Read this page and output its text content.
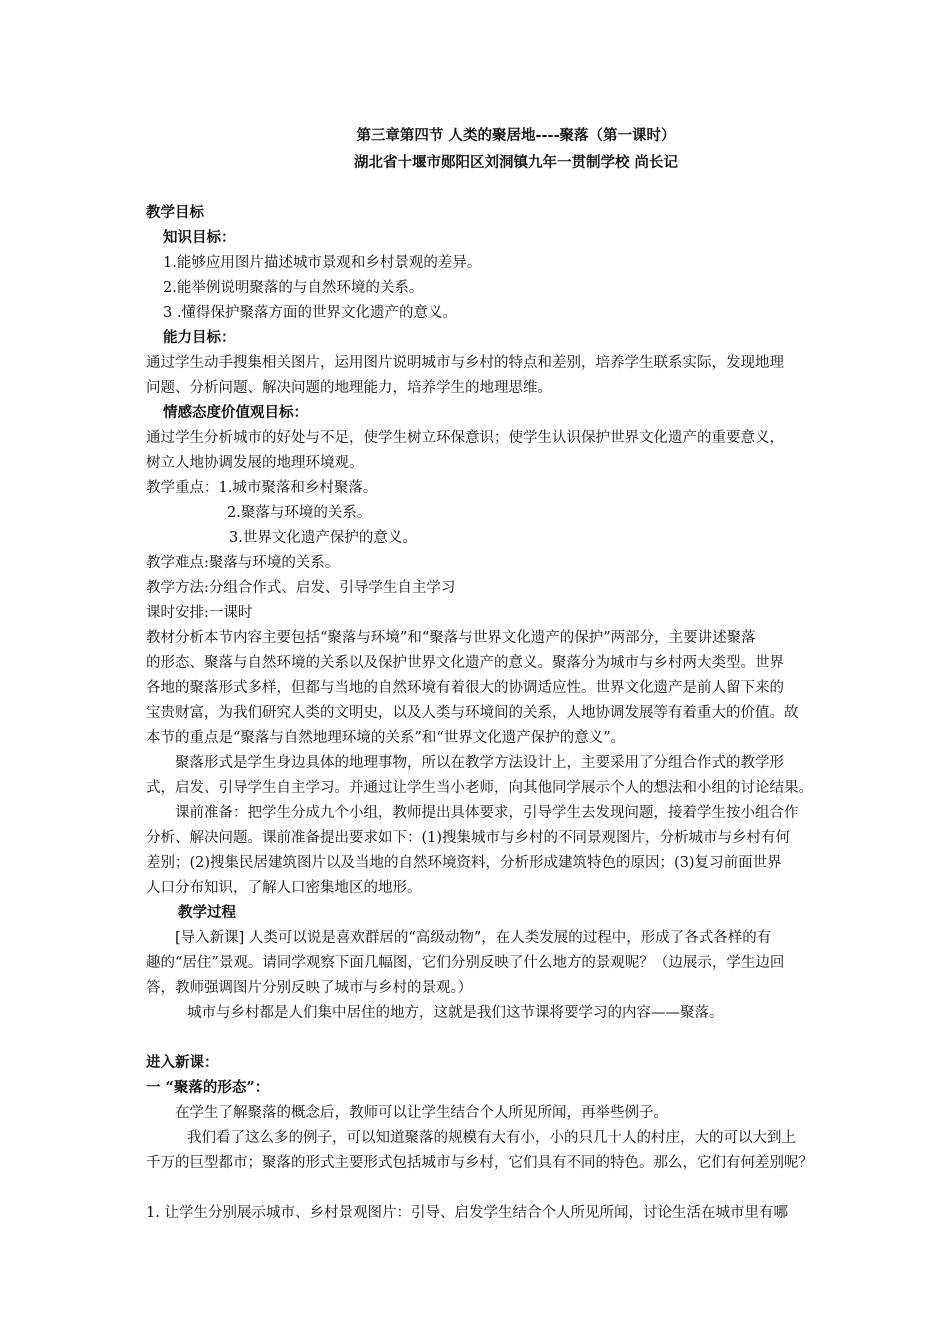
第三章第四节 人类的聚居地----聚落（第一课时）
湖北省十堰市郧阳区刘洞镇九年一贯制学校 尚长记
教学目标
知识目标：
1.能够应用图片描述城市景观和乡村景观的差异。
2.能举例说明聚落的与自然环境的关系。
3 .懂得保护聚落方面的世界文化遗产的意义。
能力目标：
通过学生动手搜集相关图片，运用图片说明城市与乡村的特点和差别，培养学生联系实际，发现地理
问题、分析问题、解决问题的地理能力，培养学生的地理思维。
情感态度价值观目标：
通过学生分析城市的好处与不足，使学生树立环保意识；使学生认识保护世界文化遗产的重要意义，
树立人地协调发展的地理环境观。
教学重点：1.城市聚落和乡村聚落。
2.聚落与环境的关系。
3.世界文化遗产保护的意义。
教学难点:聚落与环境的关系。
教学方法:分组合作式、启发、引导学生自主学习
课时安排:一课时
教材分析本节内容主要包括“聚落与环境”和“聚落与世界文化遗产的保护”两部分，主要讲述聚落
的形态、聚落与自然环境的关系以及保护世界文化遗产的意义。聚落分为城市与乡村两大类型。世界
各地的聚落形式多样，但都与当地的自然环境有着很大的协调适应性。世界文化遗产是前人留下来的
宝贵财富，为我们研究人类的文明史，以及人类与环境间的关系，人地协调发展等有着重大的价值。故
本节的重点是“聚落与自然地理环境的关系”和“世界文化遗产保护的意义”。
聚落形式是学生身边具体的地理事物，所以在教学方法设计上，主要采用了分组合作式的教学形
式，启发、引导学生自主学习。并通过让学生当小老师，向其他同学展示个人的想法和小组的讨论结果。
课前准备：把学生分成九个小组，教师提出具体要求，引导学生去发现问题，接着学生按小组合作
分析、解决问题。课前准备提出要求如下：(1)搜集城市与乡村的不同景观图片，分析城市与乡村有何
差别；(2)搜集民居建筑图片以及当地的自然环境资料，分析形成建筑特色的原因；(3)复习前面世界
人口分布知识，了解人口密集地区的地形。
教学过程
[导入新课] 人类可以说是喜欢群居的“高级动物”，在人类发展的过程中，形成了各式各样的有
趣的“居住”景观。请同学观察下面几幅图，它们分别反映了什么地方的景观呢？（边展示，学生边回
答，教师强调图片分别反映了城市与乡村的景观。）
城市与乡村都是人们集中居住的地方，这就是我们这节课将要学习的内容——聚落。
进入新课：
一 “聚落的形态”：
在学生了解聚落的概念后，教师可以让学生结合个人所见所闻，再举些例子。
我们看了这么多的例子，可以知道聚落的规模有大有小，小的只几十人的村庄，大的可以大到上
千万的巨型都市；聚落的形式主要形式包括城市与乡村，它们具有不同的特色。那么，它们有何差别呢？
1. 让学生分别展示城市、乡村景观图片：引导、启发学生结合个人所见所闻，讨论生活在城市里有哪
